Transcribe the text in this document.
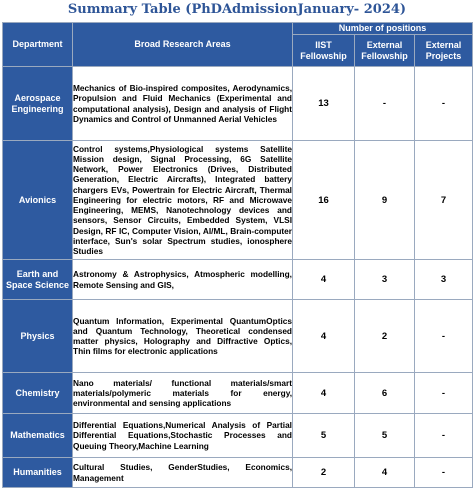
Summary Table (PhDAdmissionJanuary- 2024)
Department	Broad Research Areas	Number of positions		
		IIST Fellowship	External Fellowship	External Projects
Aerospace Engineering	Mechanics of Bio-inspired composites, Aerodynamics, Propulsion and Fluid Mechanics (Experimental and computational analysis), Design and analysis of Flight Dynamics and Control of Unmanned Aerial Vehicles	13	-	-
Avionics	Control systems,Physiological systems Satellite Mission design, Signal Processing, 6G Satellite Network, Power Electronics (Drives, Distributed Generation, Electric Aircrafts), Integrated battery chargers EVs, Powertrain for Electric Aircraft, Thermal Engineering for electric motors, RF and Microwave Engineering, MEMS, Nanotechnology devices and sensors, Sensor Circuits, Embedded System, VLSI Design, RF IC, Computer Vision, AI/ML, Brain-computer interface, Sun's solar Spectrum studies, ionosphere Studies	16	9	7
Earth and Space Science	Astronomy & Astrophysics, Atmospheric modelling, Remote Sensing and GIS,	4	3	3
Physics	Quantum Information, Experimental QuantumOptics and Quantum Technology, Theoretical condensed matter physics, Holography and Diffractive Optics, Thin films for electronic applications	4	2	-
Chemistry	Nano materials/ functional materials/smart materials/polymeric materials for energy, environmental and sensing applications	4	6	-
Mathematics	Differential Equations,Numerical Analysis of Partial Differential Equations,Stochastic Processes and Queuing Theory,Machine Learning	5	5	-
Humanities	Cultural Studies, GenderStudies, Economics, Management	2	4	-
